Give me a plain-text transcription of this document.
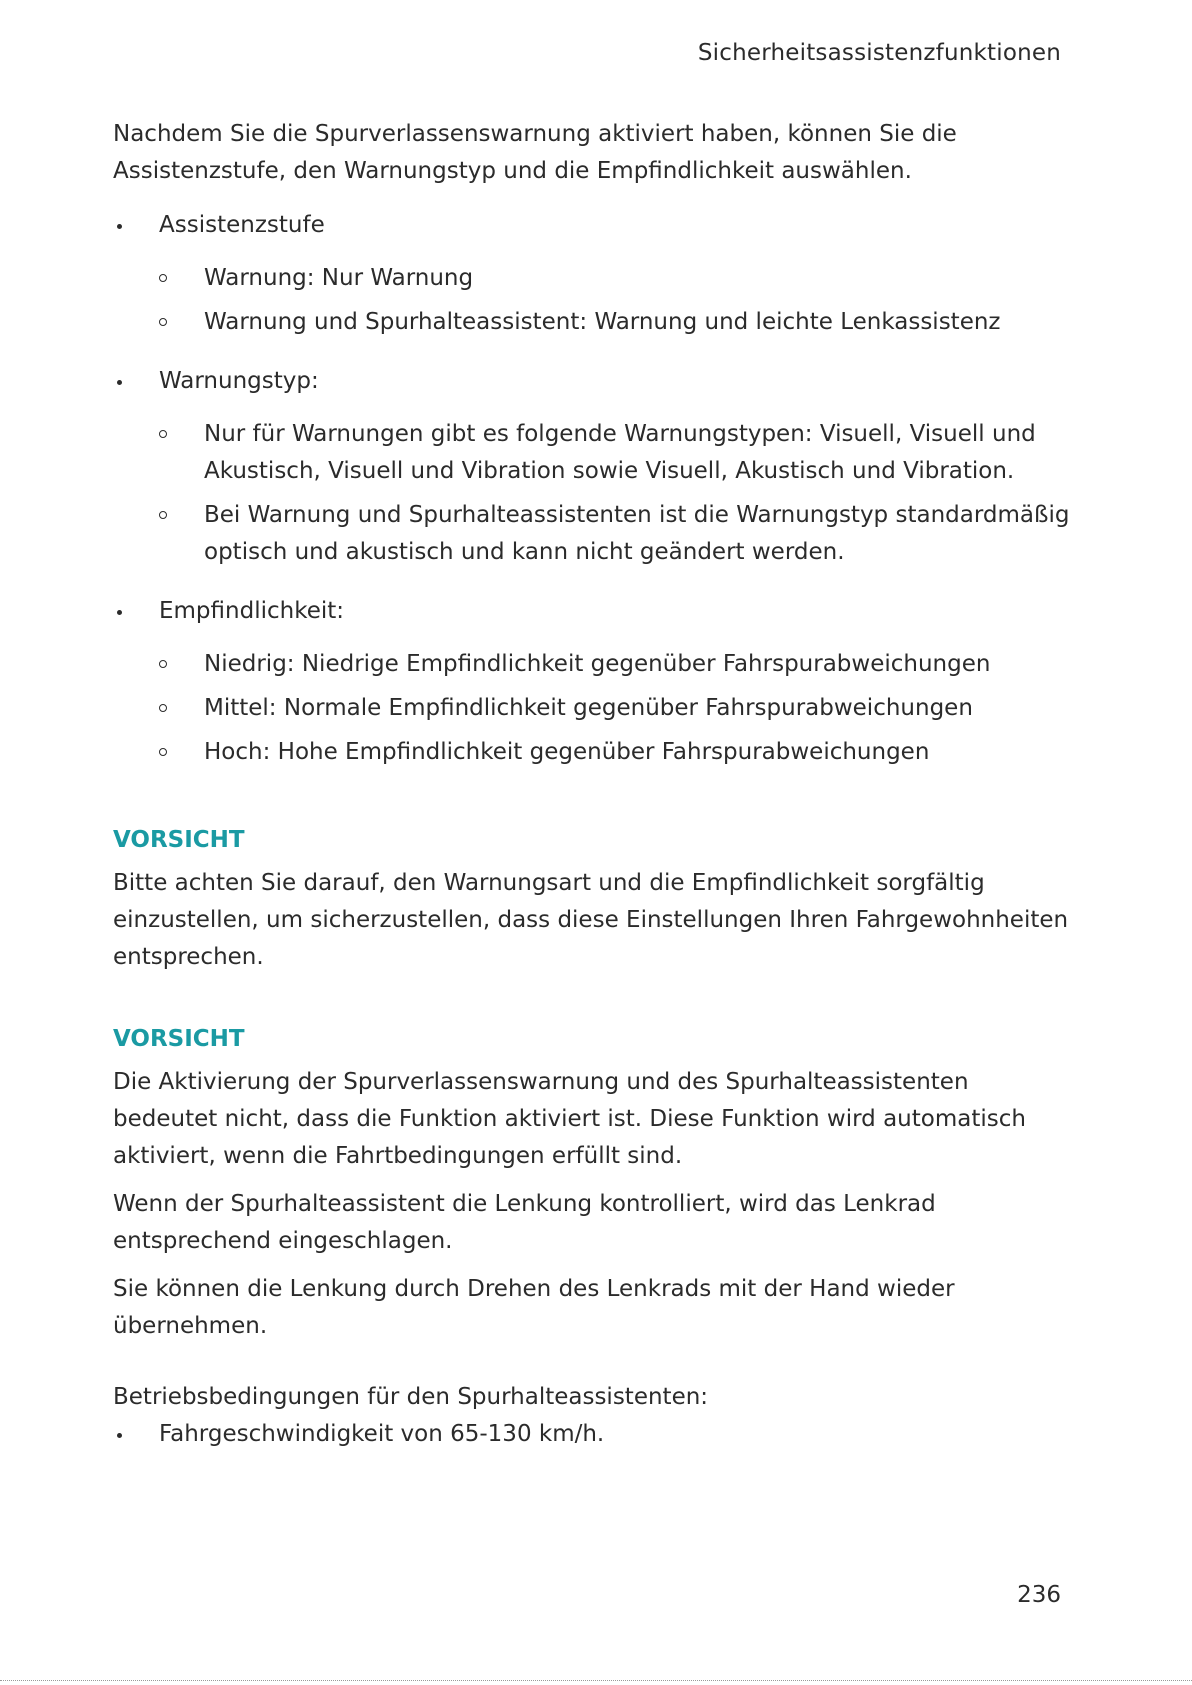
Sicherheitsassistenzfunktionen

Nachdem Sie die Spurverlassenswarnung aktiviert haben, können Sie die Assistenzstufe, den Warnungstyp und die Empfindlichkeit auswählen.

Assistenzstufe
Warnung: Nur Warnung
Warnung und Spurhalteassistent: Warnung und leichte Lenkassistenz
Warnungstyp:
Nur für Warnungen gibt es folgende Warnungstypen: Visuell, Visuell und Akustisch, Visuell und Vibration sowie Visuell, Akustisch und Vibration.
Bei Warnung und Spurhalteassistenten ist die Warnungstyp standardmäßig optisch und akustisch und kann nicht geändert werden.
Empfindlichkeit:
Niedrig: Niedrige Empfindlichkeit gegenüber Fahrspurabweichungen
Mittel: Normale Empfindlichkeit gegenüber Fahrspurabweichungen
Hoch: Hohe Empfindlichkeit gegenüber Fahrspurabweichungen
VORSICHT

Bitte achten Sie darauf, den Warnungsart und die Empfindlichkeit sorgfältig einzustellen, um sicherzustellen, dass diese Einstellungen Ihren Fahrgewohnheiten entsprechen.

VORSICHT

Die Aktivierung der Spurverlassenswarnung und des Spurhalteassistenten bedeutet nicht, dass die Funktion aktiviert ist. Diese Funktion wird automatisch aktiviert, wenn die Fahrtbedingungen erfüllt sind.

Wenn der Spurhalteassistent die Lenkung kontrolliert, wird das Lenkrad entsprechend eingeschlagen.

Sie können die Lenkung durch Drehen des Lenkrads mit der Hand wieder übernehmen.

Betriebsbedingungen für den Spurhalteassistenten:

Fahrgeschwindigkeit von 65-130 km/h.
236
